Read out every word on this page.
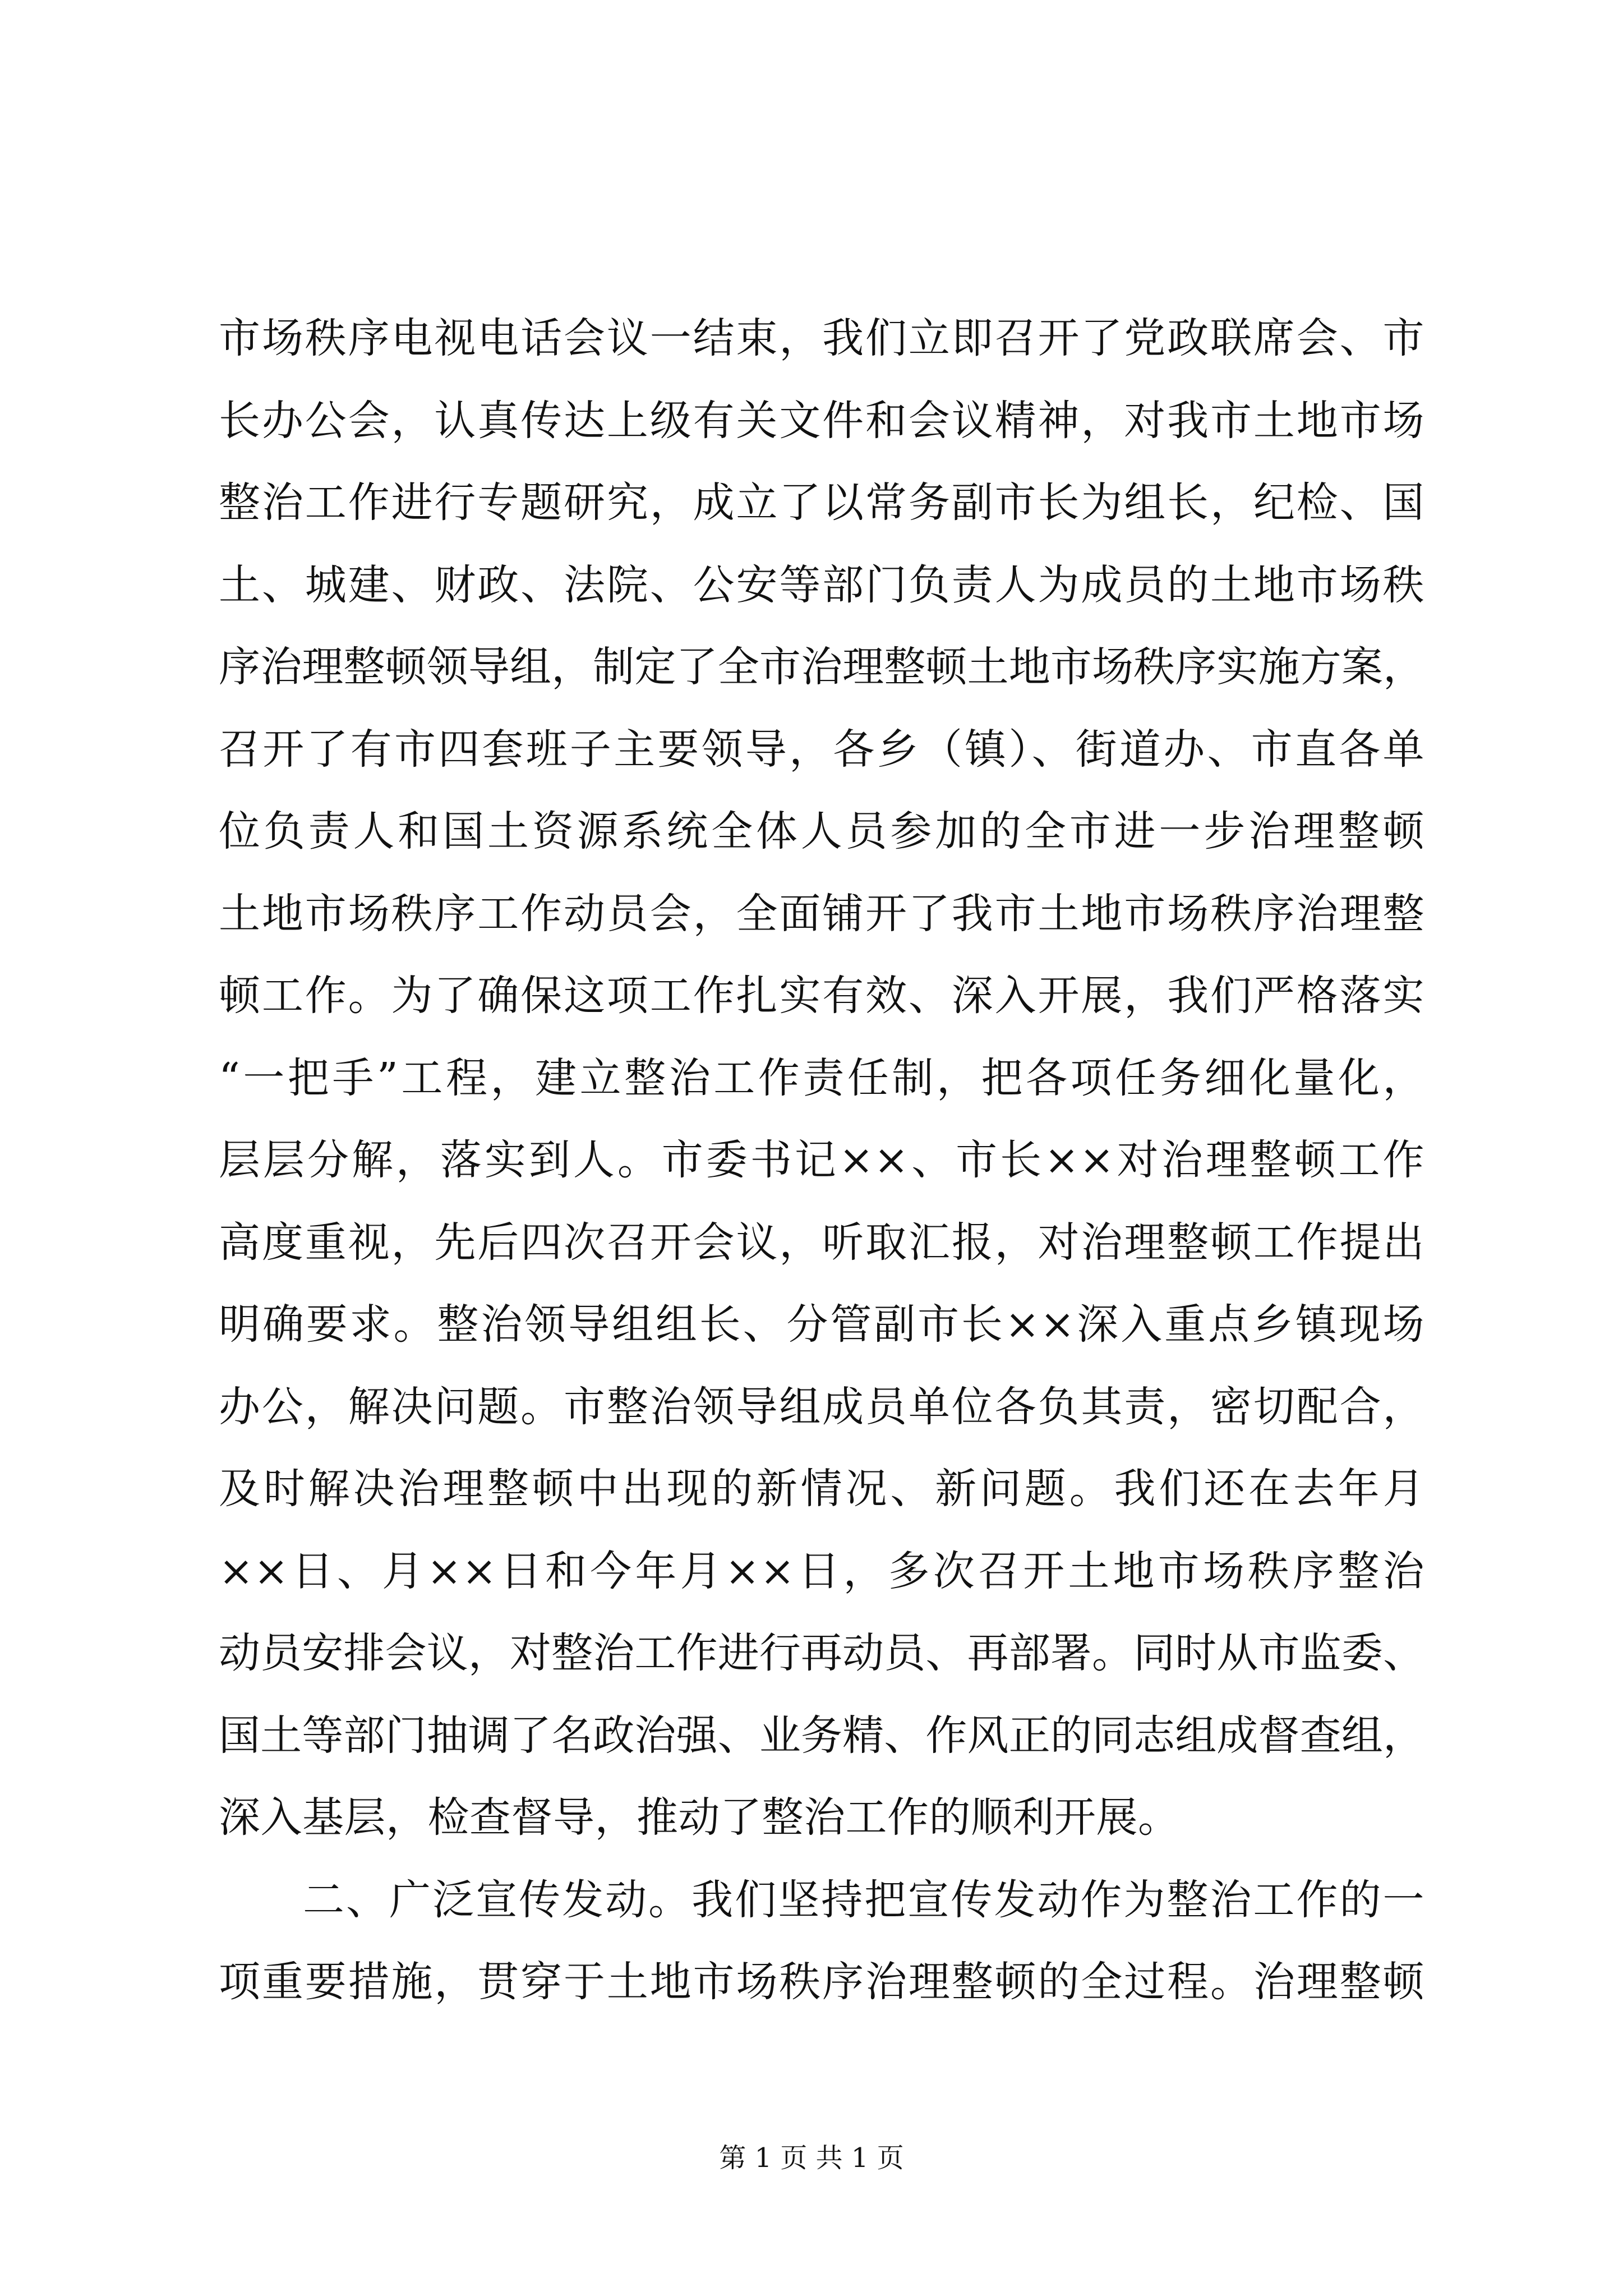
市场秩序电视电话会议一结束，我们立即召开了党政联席会、市
长办公会，认真传达上级有关文件和会议精神，对我市土地市场
整治工作进行专题研究，成立了以常务副市长为组长，纪检、国
土、城建、财政、法院、公安等部门负责人为成员的土地市场秩
序治理整顿领导组，制定了全市治理整顿土地市场秩序实施方案，
召开了有市四套班子主要领导，各乡（镇）、街道办、市直各单
位负责人和国土资源系统全体人员参加的全市进一步治理整顿
土地市场秩序工作动员会，全面铺开了我市土地市场秩序治理整
顿工作。为了确保这项工作扎实有效、深入开展，我们严格落实
“一把手”工程，建立整治工作责任制，把各项任务细化量化，
层层分解，落实到人。市委书记××、市长××对治理整顿工作
高度重视，先后四次召开会议，听取汇报，对治理整顿工作提出
明确要求。整治领导组组长、分管副市长××深入重点乡镇现场
办公，解决问题。市整治领导组成员单位各负其责，密切配合，
及时解决治理整顿中出现的新情况、新问题。我们还在去年月
××日、月××日和今年月××日，多次召开土地市场秩序整治
动员安排会议，对整治工作进行再动员、再部署。同时从市监委、
国土等部门抽调了名政治强、业务精、作风正的同志组成督查组，
深入基层，检查督导，推动了整治工作的顺利开展。
二、广泛宣传发动。我们坚持把宣传发动作为整治工作的一
项重要措施，贯穿于土地市场秩序治理整顿的全过程。治理整顿
第 1 页 共 1 页
